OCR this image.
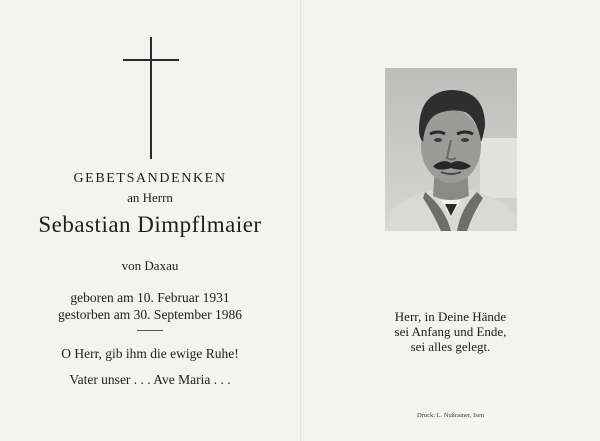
GEBETSANDENKEN
an Herrn
Sebastian Dimpflmaier
von Daxau
geboren am 10. Februar 1931
gestorben am 30. September 1986
O Herr, gib ihm die ewige Ruhe!
Vater unser . . . Ave Maria . . .
Herr, in Deine Hände
sei Anfang und Ende,
sei alles gelegt.
Druck: L. Nußrainer, Isen
